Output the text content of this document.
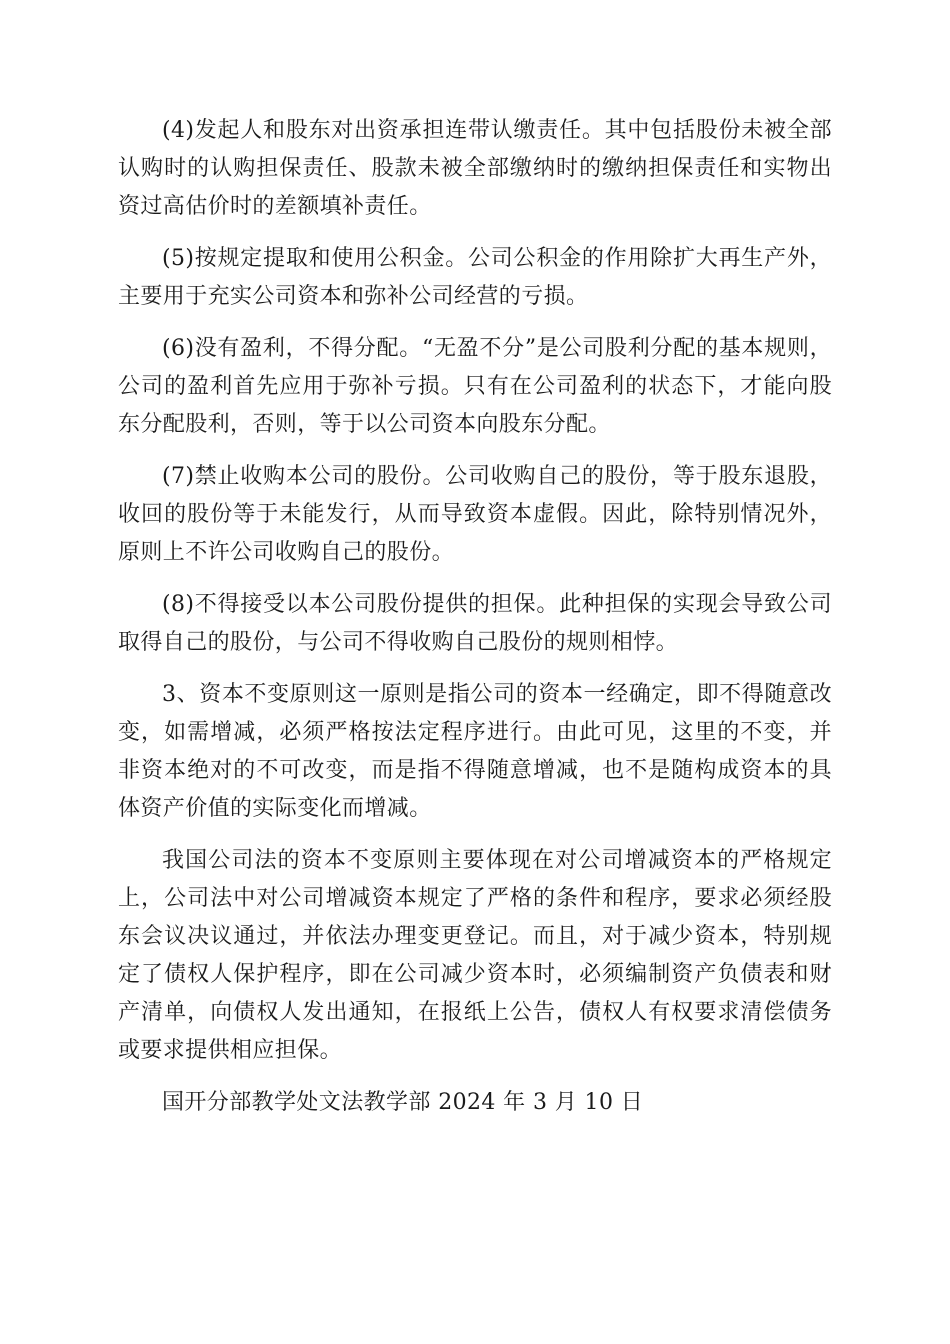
(4)发起人和股东对出资承担连带认缴责任。其中包括股份未被全部认购时的认购担保责任、股款未被全部缴纳时的缴纳担保责任和实物出资过高估价时的差额填补责任。

(5)按规定提取和使用公积金。公司公积金的作用除扩大再生产外，主要用于充实公司资本和弥补公司经营的亏损。

(6)没有盈利，不得分配。“无盈不分”是公司股利分配的基本规则，公司的盈利首先应用于弥补亏损。只有在公司盈利的状态下，才能向股东分配股利，否则，等于以公司资本向股东分配。

(7)禁止收购本公司的股份。公司收购自己的股份，等于股东退股，收回的股份等于未能发行，从而导致资本虚假。因此，除特别情况外，原则上不许公司收购自己的股份。

(8)不得接受以本公司股份提供的担保。此种担保的实现会导致公司取得自己的股份，与公司不得收购自己股份的规则相悖。

3、资本不变原则这一原则是指公司的资本一经确定，即不得随意改变，如需增减，必须严格按法定程序进行。由此可见，这里的不变，并非资本绝对的不可改变，而是指不得随意增减，也不是随构成资本的具体资产价值的实际变化而增减。

我国公司法的资本不变原则主要体现在对公司增减资本的严格规定上，公司法中对公司增减资本规定了严格的条件和程序，要求必须经股东会议决议通过，并依法办理变更登记。而且，对于减少资本，特别规定了债权人保护程序，即在公司减少资本时，必须编制资产负债表和财产清单，向债权人发出通知，在报纸上公告，债权人有权要求清偿债务或要求提供相应担保。

国开分部教学处文法教学部 2024 年 3 月 10 日
